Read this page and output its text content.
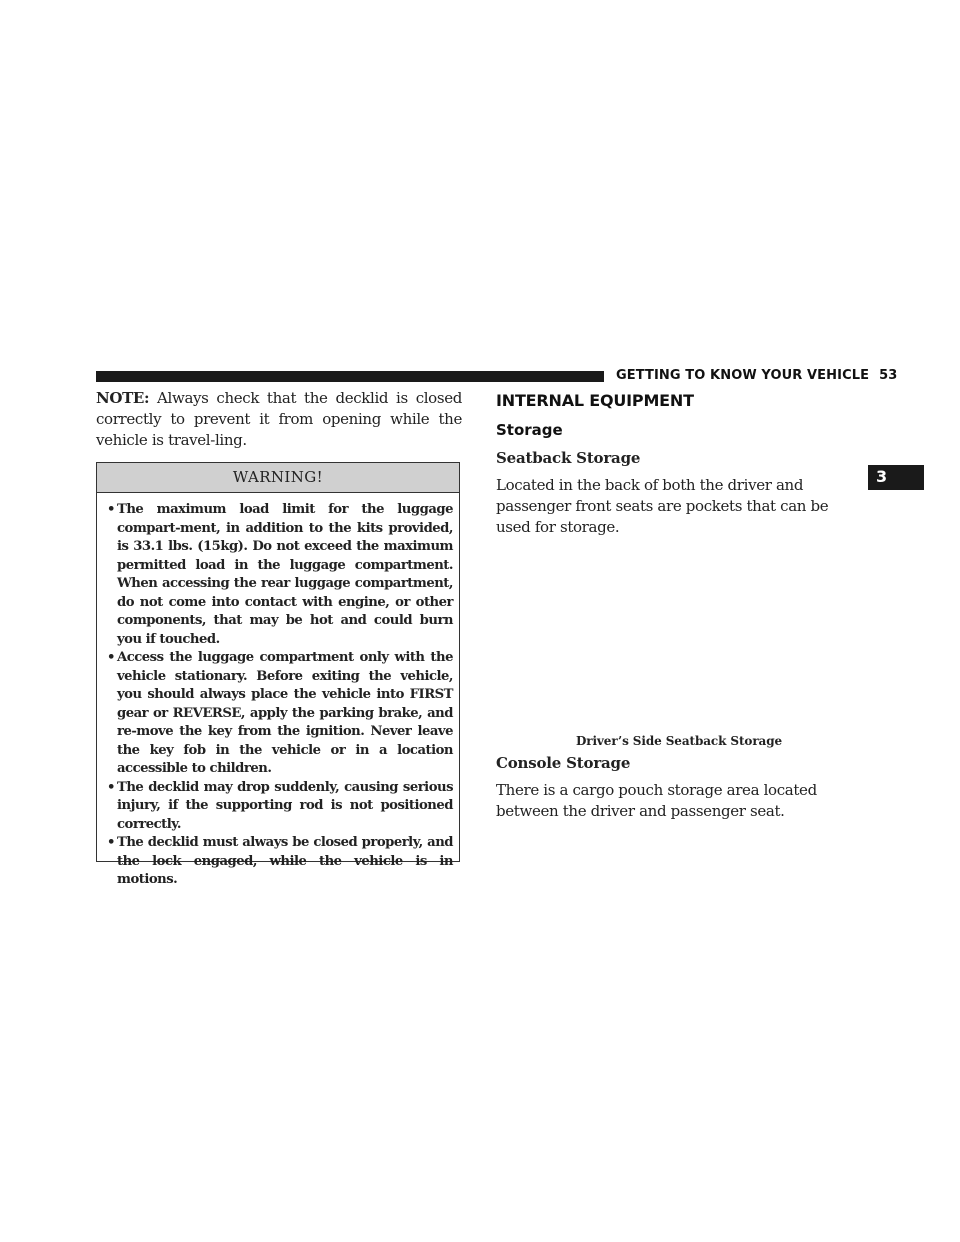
GETTING TO KNOW YOUR VEHICLE 53
3

NOTE: Always check that the decklid is closed correctly to prevent it from opening while the vehicle is travel-ling.

WARNING!
• The maximum load limit for the luggage compart-ment, in addition to the kits provided, is 33.1 lbs. (15kg). Do not exceed the maximum permitted load in the luggage compartment. When accessing the rear luggage compartment, do not come into contact with engine, or other components, that may be hot and could burn you if touched.
• Access the luggage compartment only with the vehicle stationary. Before exiting the vehicle, you should always place the vehicle into FIRST gear or REVERSE, apply the parking brake, and re-move the key from the ignition. Never leave the key fob in the vehicle or in a location accessible to children.
• The decklid may drop suddenly, causing serious injury, if the supporting rod is not positioned correctly.
• The decklid must always be closed properly, and the lock engaged, while the vehicle is in motions.
INTERNAL EQUIPMENT
Storage
Seatback Storage

Located in the back of both the driver and passenger front seats are pockets that can be used for storage.

Driver’s Side Seatback Storage
Console Storage

There is a cargo pouch storage area located between the driver and passenger seat.
